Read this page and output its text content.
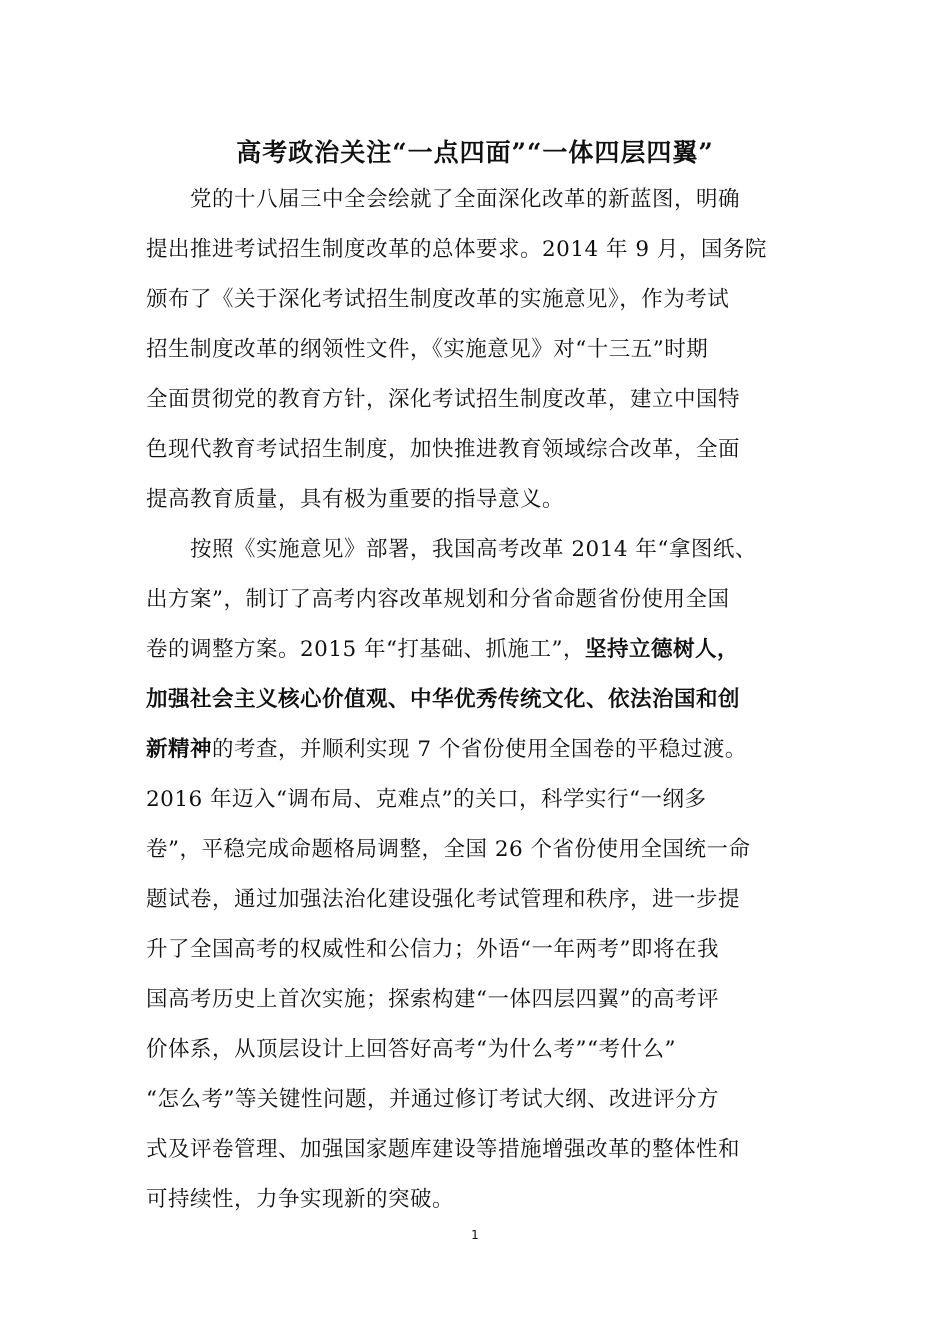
高考政治关注“一点四面”“一体四层四翼”
　　党的十八届三中全会绘就了全面深化改革的新蓝图，明确
提出推进考试招生制度改革的总体要求。2014 年 9 月，国务院
颁布了《关于深化考试招生制度改革的实施意见》，作为考试
招生制度改革的纲领性文件，《实施意见》对“十三五”时期
全面贯彻党的教育方针，深化考试招生制度改革，建立中国特
色现代教育考试招生制度，加快推进教育领域综合改革，全面
提高教育质量，具有极为重要的指导意义。
　　按照《实施意见》部署，我国高考改革 2014 年“拿图纸、
出方案”，制订了高考内容改革规划和分省命题省份使用全国
卷的调整方案。2015 年“打基础、抓施工”，坚持立德树人，
加强社会主义核心价值观、中华优秀传统文化、依法治国和创
新精神的考查，并顺利实现 7 个省份使用全国卷的平稳过渡。
2016 年迈入“调布局、克难点”的关口，科学实行“一纲多
卷”，平稳完成命题格局调整，全国 26 个省份使用全国统一命
题试卷，通过加强法治化建设强化考试管理和秩序，进一步提
升了全国高考的权威性和公信力；外语“一年两考”即将在我
国高考历史上首次实施；探索构建“一体四层四翼”的高考评
价体系，从顶层设计上回答好高考“为什么考”“考什么”
“怎么考”等关键性问题，并通过修订考试大纲、改进评分方
式及评卷管理、加强国家题库建设等措施增强改革的整体性和
可持续性，力争实现新的突破。
1
